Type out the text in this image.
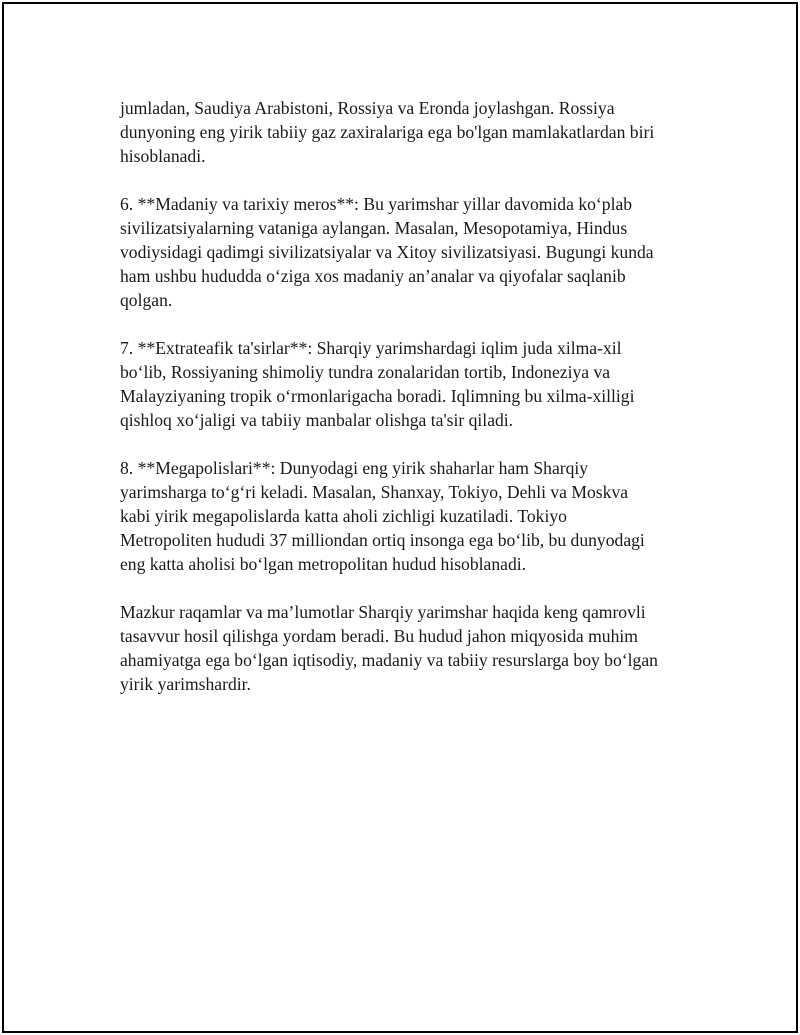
jumladan, Saudiya Arabistoni, Rossiya va Eronda joylashgan. Rossiya
dunyoning eng yirik tabiiy gaz zaxiralariga ega bo'lgan mamlakatlardan biri
hisoblanadi.

6. **Madaniy va tarixiy meros**: Bu yarimshar yillar davomida ko‘plab
sivilizatsiyalarning vataniga aylangan. Masalan, Mesopotamiya, Hindus
vodiysidagi qadimgi sivilizatsiyalar va Xitoy sivilizatsiyasi. Bugungi kunda
ham ushbu hududda o‘ziga xos madaniy an’analar va qiyofalar saqlanib
qolgan.

7. **Extrateafik ta'sirlar**: Sharqiy yarimshardagi iqlim juda xilma-xil
bo‘lib, Rossiyaning shimoliy tundra zonalaridan tortib, Indoneziya va
Malayziyaning tropik o‘rmonlarigacha boradi. Iqlimning bu xilma-xilligi
qishloq xo‘jaligi va tabiiy manbalar olishga ta'sir qiladi.

8. **Megapolislari**: Dunyodagi eng yirik shaharlar ham Sharqiy
yarimsharga to‘g‘ri keladi. Masalan, Shanxay, Tokiyo, Dehli va Moskva
kabi yirik megapolislarda katta aholi zichligi kuzatiladi. Tokiyo
Metropoliten hududi 37 milliondan ortiq insonga ega bo‘lib, bu dunyodagi
eng katta aholisi bo‘lgan metropolitan hudud hisoblanadi.

Mazkur raqamlar va ma’lumotlar Sharqiy yarimshar haqida keng qamrovli
tasavvur hosil qilishga yordam beradi. Bu hudud jahon miqyosida muhim
ahamiyatga ega bo‘lgan iqtisodiy, madaniy va tabiiy resurslarga boy bo‘lgan
yirik yarimshardir.
